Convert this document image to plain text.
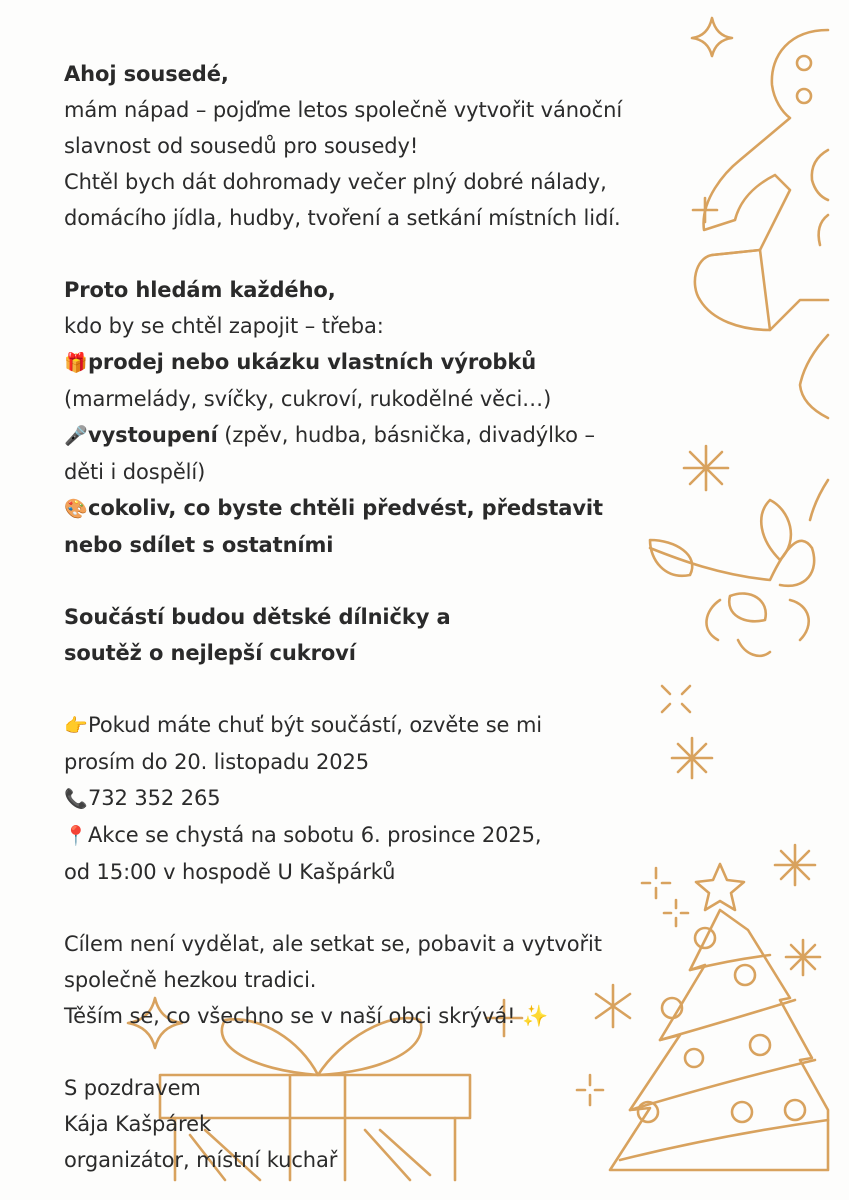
Ahoj sousedé,

mám nápad – pojďme letos společně vytvořit vánoční

slavnost od sousedů pro sousedy!

Chtěl bych dát dohromady večer plný dobré nálady,

domácího jídla, hudby, tvoření a setkání místních lidí.

Proto hledám každého,

kdo by se chtěl zapojit – třeba:

🎁prodej nebo ukázku vlastních výrobků

(marmelády, svíčky, cukroví, rukodělné věci…)

🎤vystoupení (zpěv, hudba, básnička, divadýlko –

děti i dospělí)

🎨cokoliv, co byste chtěli předvést, představit

nebo sdílet s ostatními

Součástí budou dětské dílničky a

soutěž o nejlepší cukroví

👉Pokud máte chuť být součástí, ozvěte se mi

prosím do 20. listopadu 2025

📞732 352 265

📍Akce se chystá na sobotu 6. prosince 2025,

od 15:00 v hospodě U Kašpárků

Cílem není vydělat, ale setkat se, pobavit a vytvořit

společně hezkou tradici.

Těším se, co všechno se v naší obci skrývá! ✨

S pozdravem

Kája Kašpárek

organizátor, místní kuchař
